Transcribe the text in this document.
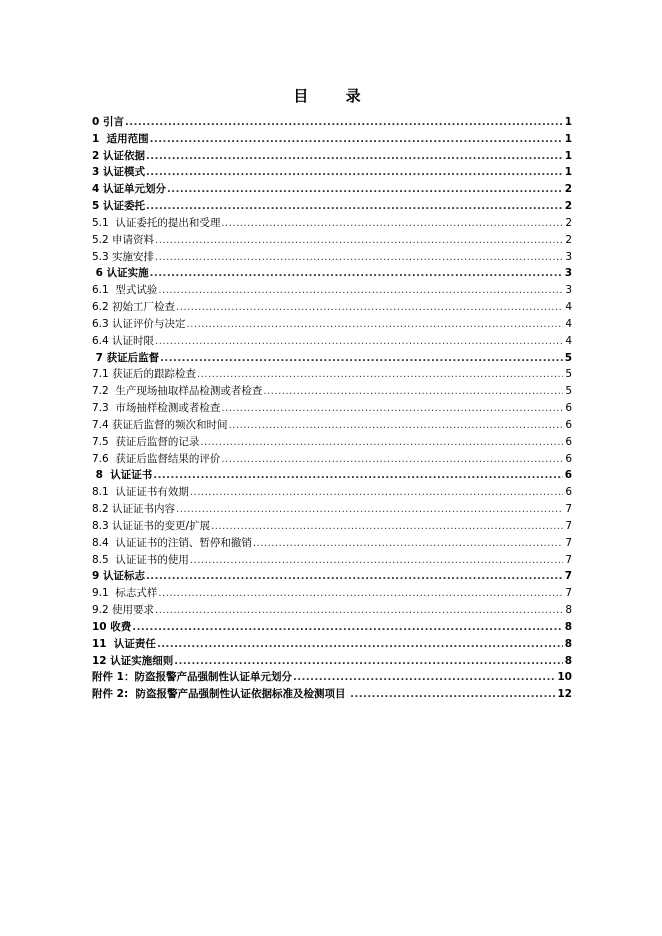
目 录
0 引言 .....	1
1  适用范围 .....	1
2 认证依据 .....	1
3 认证模式 .....	1
4 认证单元划分 .....	2
5 认证委托 .....	2
5.1  认证委托的提出和受理 .....	2
5.2 申请资料 .....	2
5.3 实施安排 .....	3
6 认证实施 .....	3
6.1  型式试验 .....	3
6.2 初始工厂检查 .....	4
6.3 认证评价与决定 .....	4
6.4 认证时限 .....	4
7 获证后监督 .....	5
7.1 获证后的跟踪检查 .....	5
7.2  生产现场抽取样品检测或者检查 .....	5
7.3  市场抽样检测或者检查 .....	6
7.4 获证后监督的频次和时间 .....	6
7.5  获证后监督的记录 .....	6
7.6  获证后监督结果的评价 .....	6
8  认证证书 .....	6
8.1  认证证书有效期 .....	6
8.2 认证证书内容 .....	7
8.3 认证证书的变更/扩展 .....	7
8.4  认证证书的注销、暂停和撤销 .....	7
8.5  认证证书的使用 .....	7
9 认证标志 .....	7
9.1  标志式样 .....	7
9.2 使用要求 .....	8
10 收费 .....	8
11  认证责任 .....	8
12 认证实施细则 .....	8
附件 1：防盗报警产品强制性认证单元划分 .....	10
附件 2:  防盗报警产品强制性认证依据标准及检测项目 .....	12
